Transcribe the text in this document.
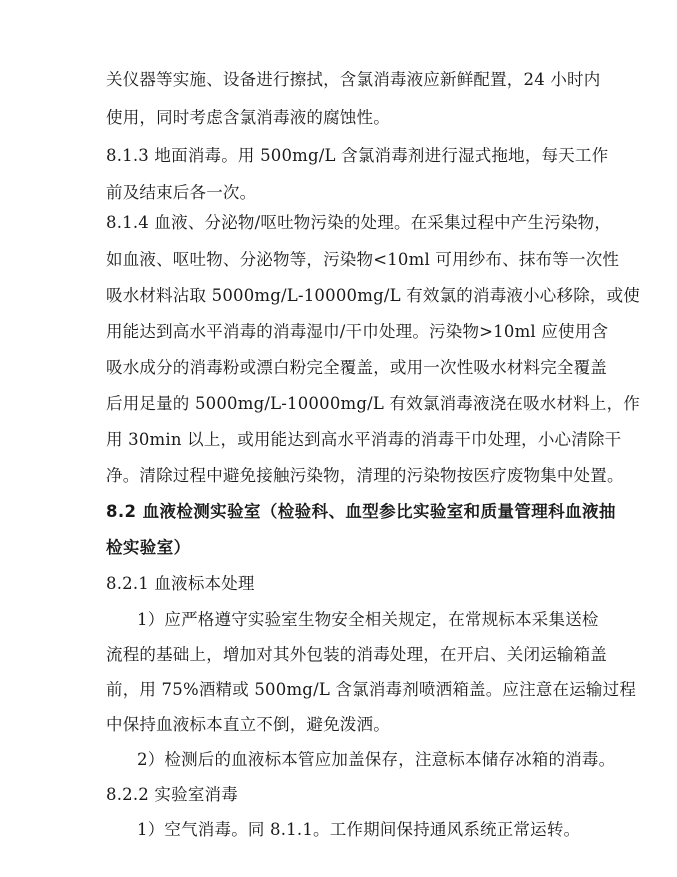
关仪器等实施、设备进行擦拭，含氯消毒液应新鲜配置，24 小时内
使用，同时考虑含氯消毒液的腐蚀性。
8.1.3 地面消毒。用 500mg/L 含氯消毒剂进行湿式拖地，每天工作
前及结束后各一次。
8.1.4 血液、分泌物/呕吐物污染的处理。在采集过程中产生污染物，
如血液、呕吐物、分泌物等，污染物<10ml 可用纱布、抹布等一次性
吸水材料沾取 5000mg/L-10000mg/L 有效氯的消毒液小心移除，或使
用能达到高水平消毒的消毒湿巾/干巾处理。污染物>10ml 应使用含
吸水成分的消毒粉或漂白粉完全覆盖，或用一次性吸水材料完全覆盖
后用足量的 5000mg/L-10000mg/L 有效氯消毒液浇在吸水材料上，作
用 30min 以上，或用能达到高水平消毒的消毒干巾处理，小心清除干
净。清除过程中避免接触污染物，清理的污染物按医疗废物集中处置。
8.2 血液检测实验室（检验科、血型参比实验室和质量管理科血液抽
检实验室）
8.2.1 血液标本处理
1）应严格遵守实验室生物安全相关规定，在常规标本采集送检
流程的基础上，增加对其外包装的消毒处理，在开启、关闭运输箱盖
前，用 75%酒精或 500mg/L 含氯消毒剂喷洒箱盖。应注意在运输过程
中保持血液标本直立不倒，避免泼洒。
2）检测后的血液标本管应加盖保存，注意标本储存冰箱的消毒。
8.2.2 实验室消毒
1）空气消毒。同 8.1.1。工作期间保持通风系统正常运转。
